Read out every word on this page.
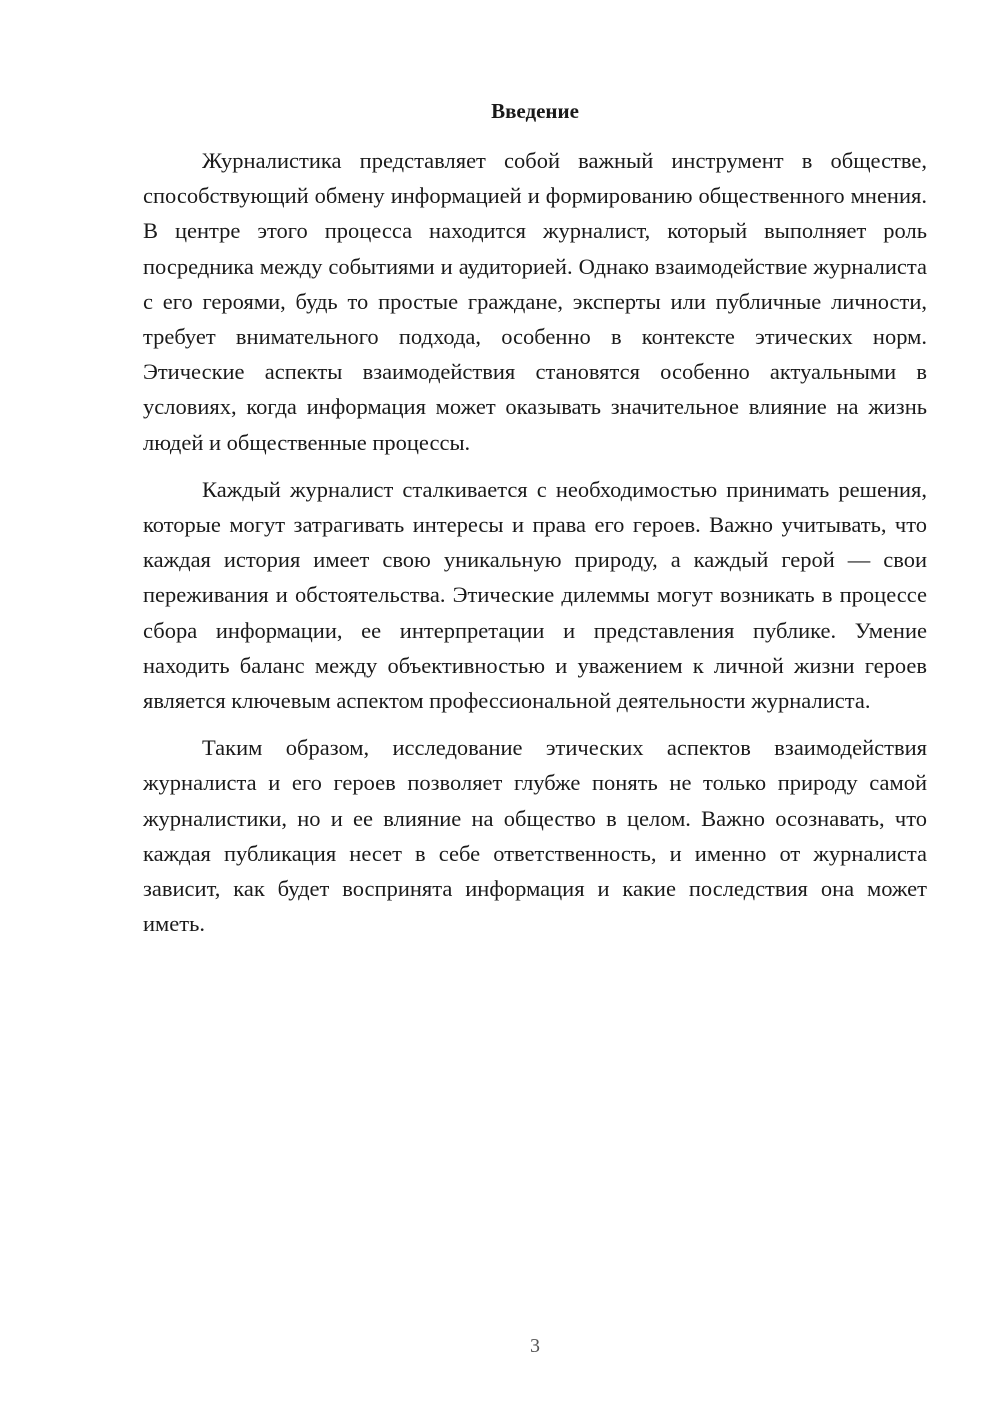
Введение

Журналистика представляет собой важный инструмент в обществе, способствующий обмену информацией и формированию общественного мнения. В центре этого процесса находится журналист, который выполняет роль посредника между событиями и аудиторией. Однако взаимодействие журналиста с его героями, будь то простые граждане, эксперты или публичные личности, требует внимательного подхода, особенно в контексте этических норм. Этические аспекты взаимодействия становятся особенно актуальными в условиях, когда информация может оказывать значительное влияние на жизнь людей и общественные процессы.

Каждый журналист сталкивается с необходимостью принимать решения, которые могут затрагивать интересы и права его героев. Важно учитывать, что каждая история имеет свою уникальную природу, а каждый герой — свои переживания и обстоятельства. Этические дилеммы могут возникать в процессе сбора информации, ее интерпретации и представления публике. Умение находить баланс между объективностью и уважением к личной жизни героев является ключевым аспектом профессиональной деятельности журналиста.

Таким образом, исследование этических аспектов взаимодействия журналиста и его героев позволяет глубже понять не только природу самой журналистики, но и ее влияние на общество в целом. Важно осознавать, что каждая публикация несет в себе ответственность, и именно от журналиста зависит, как будет воспринята информация и какие последствия она может иметь.

3
